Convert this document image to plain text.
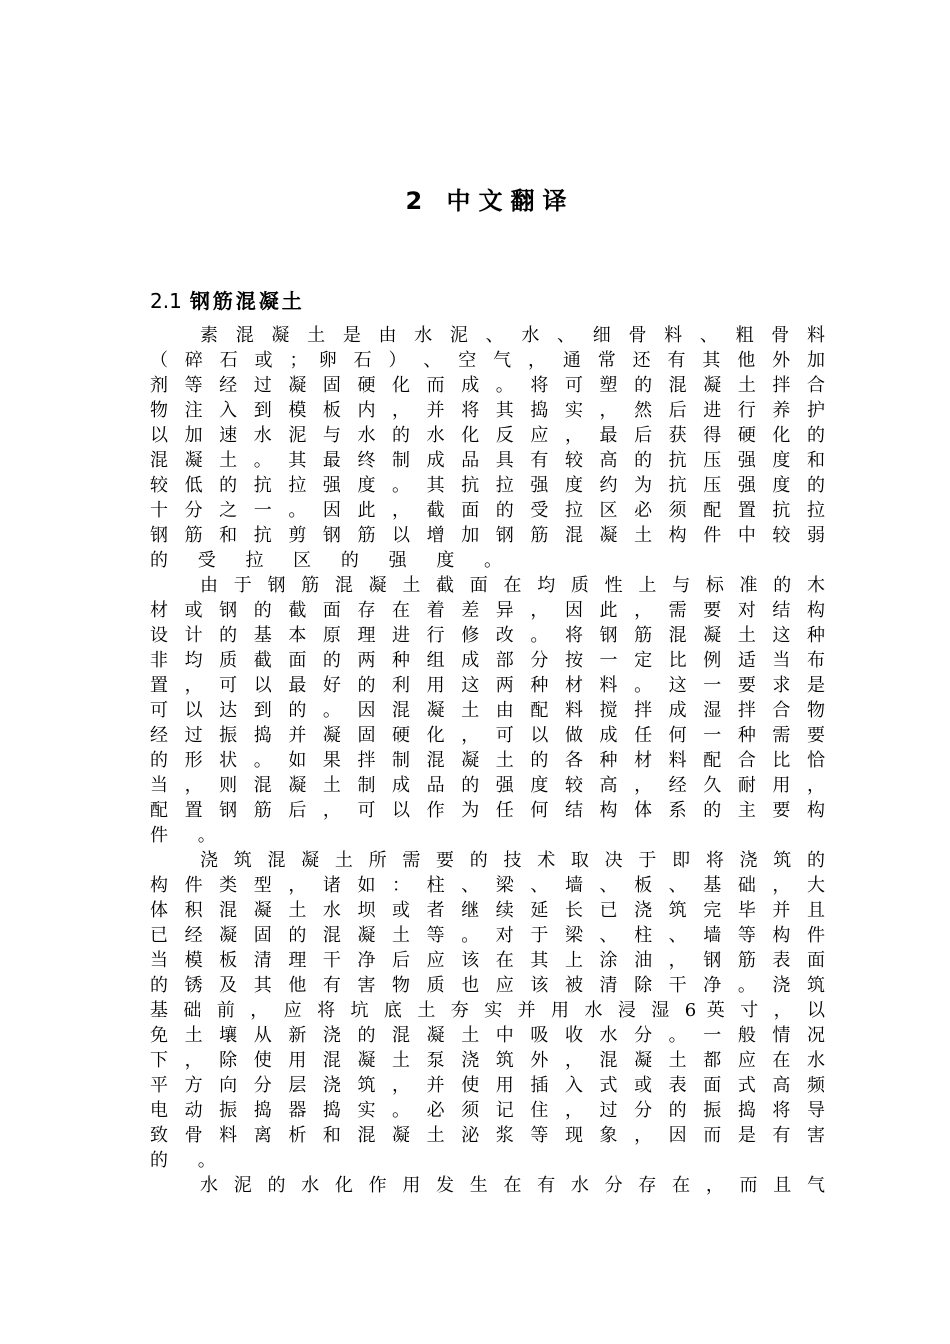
2 中文翻译
2.1 钢筋混凝土
素 混 凝 土 是 由 水 泥 、 水 、 细 骨 料 、 粗 骨 料
（ 碎 石 或 ； 卵 石 ） 、 空 气 ， 通 常 还 有 其 他 外 加
剂 等 经 过 凝 固 硬 化 而 成 。 将 可 塑 的 混 凝 土 拌 合
物 注 入 到 模 板 内 ， 并 将 其 捣 实 ， 然 后 进 行 养 护
以 加 速 水 泥 与 水 的 水 化 反 应 ， 最 后 获 得 硬 化 的
混 凝 土 。 其 最 终 制 成 品 具 有 较 高 的 抗 压 强 度 和
较 低 的 抗 拉 强 度 。 其 抗 拉 强 度 约 为 抗 压 强 度 的
十 分 之 一 。 因 此 ， 截 面 的 受 拉 区 必 须 配 置 抗 拉
钢 筋 和 抗 剪 钢 筋 以 增 加 钢 筋 混 凝 土 构 件 中 较 弱
的 受 拉 区 的 强 度 。
由 于 钢 筋 混 凝 土 截 面 在 均 质 性 上 与 标 准 的 木
材 或 钢 的 截 面 存 在 着 差 异 ， 因 此 ， 需 要 对 结 构
设 计 的 基 本 原 理 进 行 修 改 。 将 钢 筋 混 凝 土 这 种
非 均 质 截 面 的 两 种 组 成 部 分 按 一 定 比 例 适 当 布
置 ， 可 以 最 好 的 利 用 这 两 种 材 料 。 这 一 要 求 是
可 以 达 到 的 。 因 混 凝 土 由 配 料 搅 拌 成 湿 拌 合 物
经 过 振 捣 并 凝 固 硬 化 ， 可 以 做 成 任 何 一 种 需 要
的 形 状 。 如 果 拌 制 混 凝 土 的 各 种 材 料 配 合 比 恰
当 ， 则 混 凝 土 制 成 品 的 强 度 较 高 ， 经 久 耐 用 ，
配 置 钢 筋 后 ， 可 以 作 为 任 何 结 构 体 系 的 主 要 构
件 。
浇 筑 混 凝 土 所 需 要 的 技 术 取 决 于 即 将 浇 筑 的
构 件 类 型 ， 诸 如 ： 柱 、 梁 、 墙 、 板 、 基 础 ， 大
体 积 混 凝 土 水 坝 或 者 继 续 延 长 已 浇 筑 完 毕 并 且
已 经 凝 固 的 混 凝 土 等 。 对 于 梁 、 柱 、 墙 等 构 件
当 模 板 清 理 干 净 后 应 该 在 其 上 涂 油 ， 钢 筋 表 面
的 锈 及 其 他 有 害 物 质 也 应 该 被 清 除 干 净 。 浇 筑
基 础 前 ， 应 将 坑 底 土 夯 实 并 用 水 浸 湿 6 英 寸 ， 以
免 土 壤 从 新 浇 的 混 凝 土 中 吸 收 水 分 。 一 般 情 况
下 ， 除 使 用 混 凝 土 泵 浇 筑 外 ， 混 凝 土 都 应 在 水
平 方 向 分 层 浇 筑 ， 并 使 用 插 入 式 或 表 面 式 高 频
电 动 振 捣 器 捣 实 。 必 须 记 住 ， 过 分 的 振 捣 将 导
致 骨 料 离 析 和 混 凝 土 泌 浆 等 现 象 ， 因 而 是 有 害
的 。
水 泥 的 水 化 作 用 发 生 在 有 水 分 存 在 ， 而 且 气
